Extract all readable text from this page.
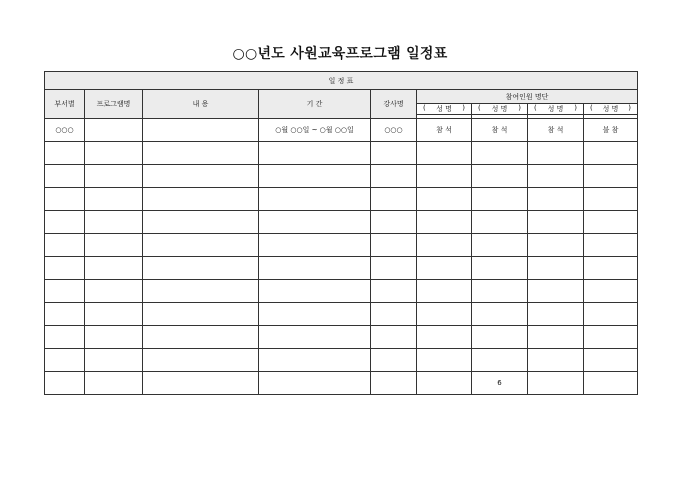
○○년도 사원교육프로그램 일정표
일 정 표								
부서별	프로그램명	내 용	기 간	강사명	참여인원 명단			

					( 성 명 )	( 성 명 )	( 성 명 )	( 성 명 )

○○○			○월 ○○일 ~ ○월 ○○일	○○○	참 석	참 석	참 석	불 참

						6		
